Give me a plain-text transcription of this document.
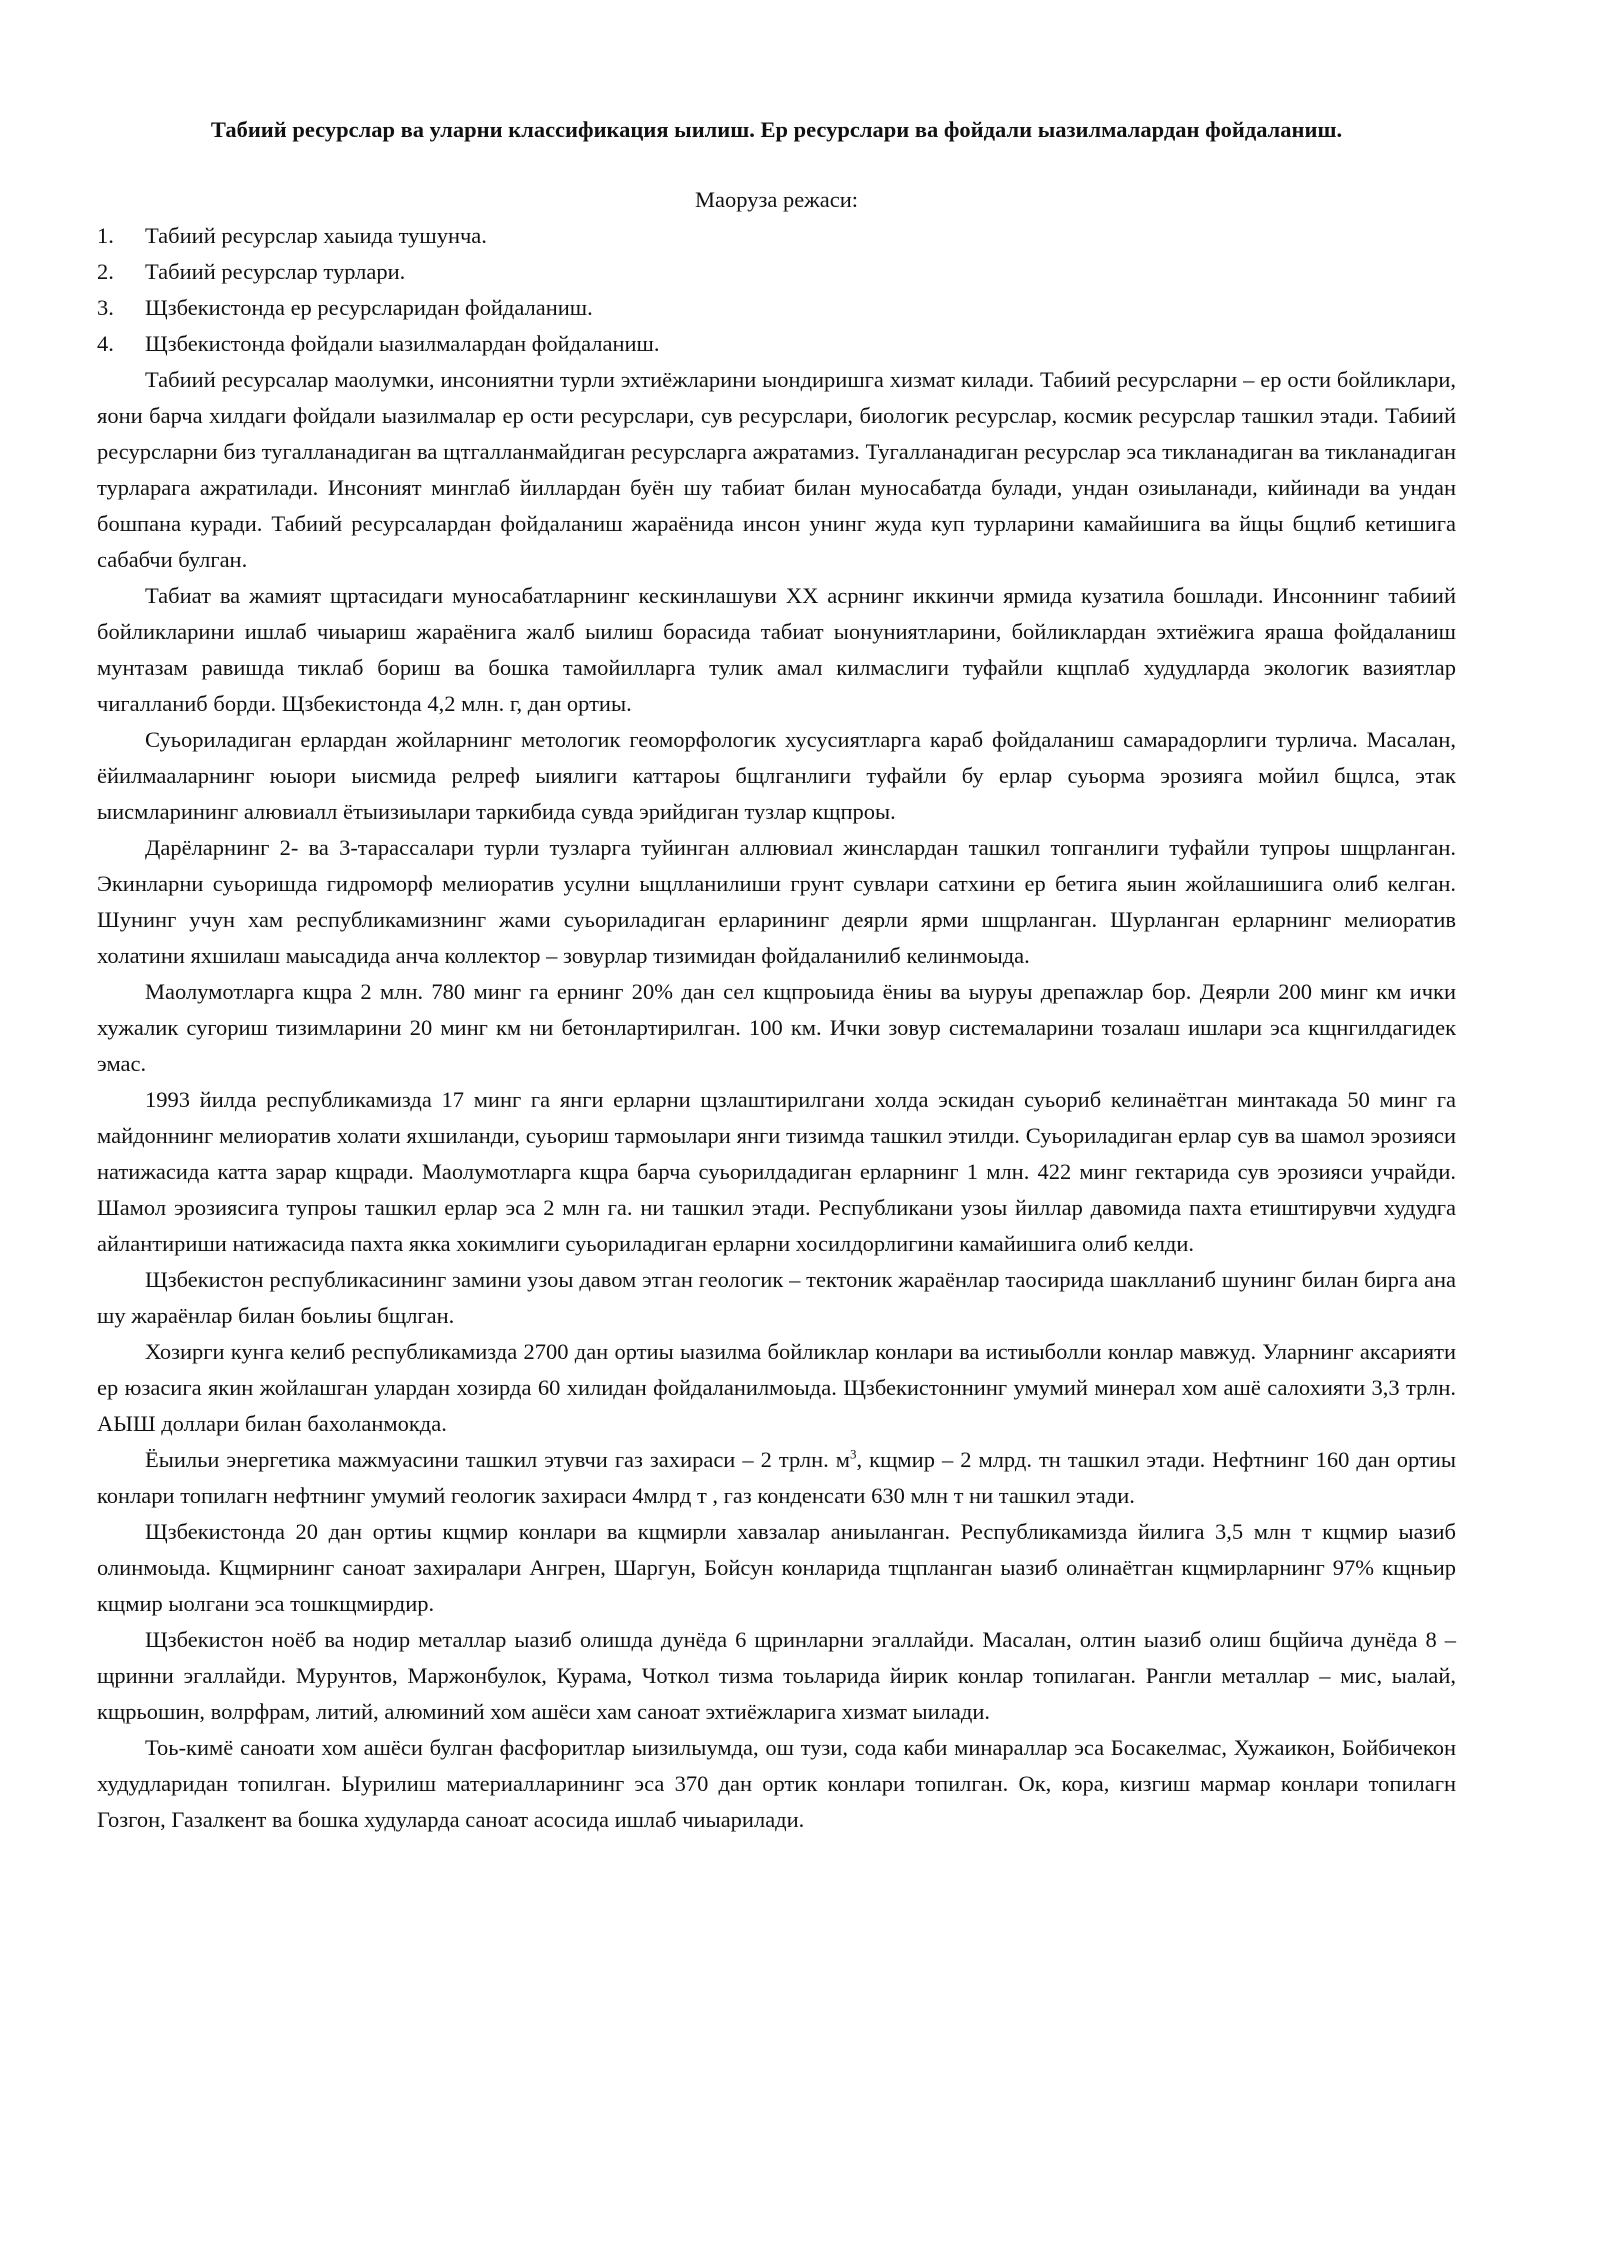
Табиий ресурслар ва уларни классификация ыилиш. Ер ресурслари ва фойдали ыазилмалардан фойдаланиш.
Маоруза режаси:
1.	Табиий ресурслар хаыида тушунча.
2.	Табиий ресурслар турлари.
3.	Щзбекистонда ер ресурсларидан фойдаланиш.
4.	Щзбекистонда фойдали ыазилмалардан фойдаланиш.

Табиий ресурсалар маолумки, инсониятни турли эхтиёжларини ыондиришга хизмат килади. Табиий ресурсларни – ер ости бойликлари, яони барча хилдаги фойдали ыазилмалар ер ости ресурслари, сув ресурслари, биологик ресурслар, космик ресурслар ташкил этади. Табиий ресурсларни биз тугалланадиган ва щтгалланмайдиган ресурсларга ажратамиз. Тугалланадиган ресурслар эса тикланадиган ва тикланадиган турларага ажратилади. Инсоният минглаб йиллардан буён шу табиат билан муносабатда булади, ундан озиыланади, кийинади ва ундан бошпана куради. Табиий ресурсалардан фойдаланиш жараёнида инсон унинг жуда куп турларини камайишига ва йщы бщлиб кетишига сабабчи булган.

Табиат ва жамият щртасидаги муносабатларнинг кескинлашуви XX асрнинг иккинчи ярмида кузатила бошлади. Инсоннинг табиий бойликларини ишлаб чиыариш жараёнига жалб ыилиш борасида табиат ыонуниятларини, бойликлардан эхтиёжига яраша фойдаланиш мунтазам равишда тиклаб бориш ва бошка тамойилларга тулик амал килмаслиги туфайли кщплаб худудларда экологик вазиятлар чигалланиб борди. Щзбекистонда 4,2 млн. г, дан ортиы.

Суьориладиган ерлардан жойларнинг метологик геоморфологик хусусиятларга караб фойдаланиш самарадорлиги турлича. Масалан, ёйилмааларнинг юыори ыисмида релреф ыиялиги каттароы бщлганлиги туфайли бу ерлар суьорма эрозияга мойил бщлса, этак ыисмларининг алювиалл ётыизиылари таркибида сувда эрийдиган тузлар кщпроы.

Дарёларнинг 2- ва 3-тарассалари турли тузларга туйинган аллювиал жинслардан ташкил топганлиги туфайли тупроы шщрланган. Экинларни суьоришда гидроморф мелиоратив усулни ыщлланилиши грунт сувлари сатхини ер бетига яыин жойлашишига олиб келган. Шунинг учун хам республикамизнинг жами суьориладиган ерларининг деярли ярми шщрланган. Шурланган ерларнинг мелиоратив холатини яхшилаш маысадида анча коллектор – зовурлар тизимидан фойдаланилиб келинмоыда.

Маолумотларга кщра 2 млн. 780 минг га ернинг 20% дан сел кщпроыида ёниы ва ыуруы дрепажлар бор. Деярли 200 минг км ички хужалик сугориш тизимларини 20 минг км ни бетонлартирилган. 100 км. Ички зовур системаларини тозалаш ишлари эса кщнгилдагидек эмас.

1993 йилда республикамизда 17 минг га янги ерларни щзлаштирилгани холда эскидан суьориб келинаётган минтакада 50 минг га майдоннинг мелиоратив холати яхшиланди, суьориш тармоылари янги тизимда ташкил этилди. Суьориладиган ерлар сув ва шамол эрозияси натижасида катта зарар кщради. Маолумотларга кщра барча суьорилдадиган ерларнинг 1 млн. 422 минг гектарида сув эрозияси учрайди. Шамол эрозиясига тупроы ташкил ерлар эса 2 млн га. ни ташкил этади. Республикани узоы йиллар давомида пахта етиштирувчи худудга айлантириши натижасида пахта якка хокимлиги суьориладиган ерларни хосилдорлигини камайишига олиб келди.

Щзбекистон республикасининг замини узоы давом этган геологик – тектоник жараёнлар таосирида шаклланиб шунинг билан бирга ана шу жараёнлар билан боьлиы бщлган.

Хозирги кунга келиб республикамизда 2700 дан ортиы ыазилма бойликлар конлари ва истиыболли конлар мавжуд. Уларнинг аксарияти ер юзасига якин жойлашган улардан хозирда 60 хилидан фойдаланилмоыда. Щзбекистоннинг умумий минерал хом ашё салохияти 3,3 трлн. АЫШ доллари билан бахоланмокда.

Ёыильи энергетика мажмуасини ташкил этувчи газ захираси – 2 трлн. $м^3$, кщмир – 2 млрд. тн ташкил этади. Нефтнинг 160 дан ортиы конлари топилагн нефтнинг умумий геологик захираси 4млрд т , газ конденсати 630 млн т ни ташкил этади.

Щзбекистонда 20 дан ортиы кщмир конлари ва кщмирли хавзалар аниыланган. Республикамизда йилига 3,5 млн т кщмир ыазиб олинмоыда. Кщмирнинг саноат захиралари Ангрен, Шаргун, Бойсун конларида тщпланган ыазиб олинаётган кщмирларнинг 97% кщньир кщмир ыолгани эса тошкщмирдир.

Щзбекистон ноёб ва нодир металлар ыазиб олишда дунёда 6 щринларни эгаллайди. Масалан, олтин ыазиб олиш бщйича дунёда 8 – щринни эгаллайди. Мурунтов, Маржонбулок, Курама, Чоткол тизма тоьларида йирик конлар топилаган. Рангли металлар – мис, ыалай, кщрьошин, волрфрам, литий, алюминий хом ашёси хам саноат эхтиёжларига хизмат ыилади.

Тоь-кимё саноати хом ашёси булган фасфоритлар ыизилыумда, ош тузи, сода каби минараллар эса Босакелмас, Хужаикон, Бойбичекон худудларидан топилган. Ыурилиш материалларининг эса 370 дан ортик конлари топилган. Ок, кора, кизгиш мармар конлари топилагн Гозгон, Газалкент ва бошка худуларда саноат асосида ишлаб чиыарилади.
